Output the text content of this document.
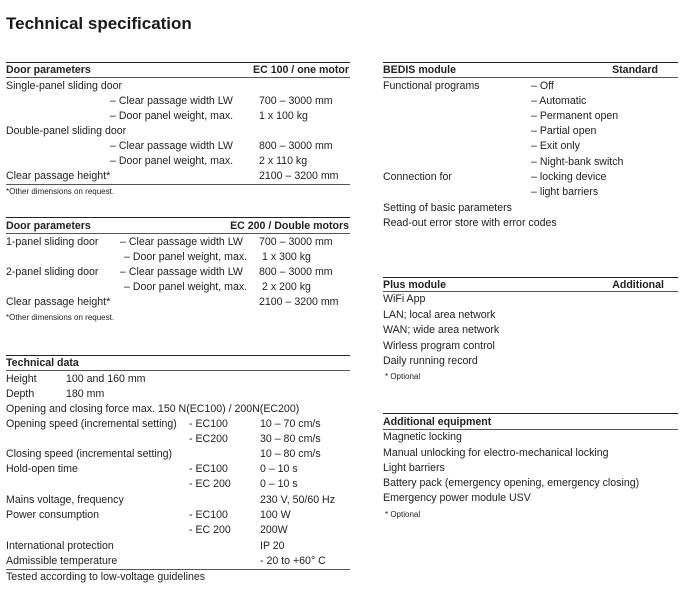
Technical specification
Door parameters	EC 100 / one motor
Single-panel sliding door
– Clear passage width LW 700 – 3000 mm
– Door panel weight, max. 1 x 100 kg
Double-panel sliding door
– Clear passage width LW 800 – 3000 mm
– Door panel weight, max. 2 x 110 kg
Clear passage height*	2100 – 3200 mm
*Other dimensions on request.
Door parameters	EC 200 / Double motors
1-panel sliding door – Clear passage width LW 700 – 3000 mm
– Door panel weight, max. 1 x 300 kg
2-panel sliding door – Clear passage width LW 800 – 3000 mm
– Door panel weight, max. 2 x 200 kg
Clear passage height*	2100 – 3200 mm
*Other dimensions on request.
Technical data
Height	100 and 160 mm
Depth	180 mm
Opening and closing force max. 150 N(EC100) / 200N(EC200)
Opening speed (incremental setting) - EC100	10 – 70 cm/s
- EC200	30 – 80 cm/s
Closing speed (incremental setting)	10 – 80 cm/s
Hold-open time	- EC100	0 – 10 s
- EC 200	0 – 10 s
Mains voltage, frequency	230 V, 50/60 Hz
Power consumption	- EC100	100 W
- EC 200	200W
International protection	IP 20
Admissible temperature	- 20 to +60° C
Tested according to low-voltage guidelines
BEDIS module	Standard
Functional programs	– Off
– Automatic
– Permanent open
– Partial open
– Exit only
– Night-bank switch
Connection for	– locking device
– light barriers
Setting of basic parameters
Read-out error store with error codes
Plus module	Additional
WiFi App
LAN; local area network
WAN; wide area network
Wirless program control
Daily running record
* Optional
Additional equipment
Magnetic locking
Manual unlocking for electro-mechanical locking
Light barriers
Battery pack (emergency opening, emergency closing)
Emergency power module USV
* Optional
